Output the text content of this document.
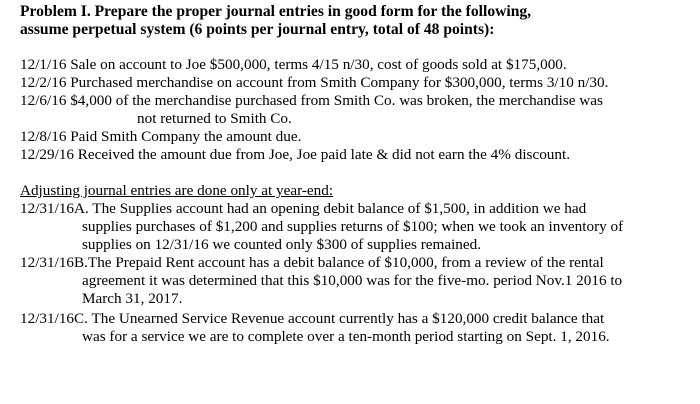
Problem I. Prepare the proper journal entries in good form for the following,
assume perpetual system (6 points per journal entry, total of 48 points):
12/1/16 Sale on account to Joe $500,000, terms 4/15 n/30, cost of goods sold at $175,000.
12/2/16 Purchased merchandise on account from Smith Company for $300,000, terms 3/10 n/30.
12/6/16 $4,000 of the merchandise purchased from Smith Co. was broken, the merchandise was
not returned to Smith Co.
12/8/16 Paid Smith Company the amount due.
12/29/16 Received the amount due from Joe, Joe paid late & did not earn the 4% discount.
Adjusting journal entries are done only at year-end:
12/31/16A. The Supplies account had an opening debit balance of $1,500, in addition we had
supplies purchases of $1,200 and supplies returns of $100; when we took an inventory of
supplies on 12/31/16 we counted only $300 of supplies remained.
12/31/16B.The Prepaid Rent account has a debit balance of $10,000, from a review of the rental
agreement it was determined that this $10,000 was for the five-mo. period Nov.1 2016 to
March 31, 2017.
12/31/16C. The Unearned Service Revenue account currently has a $120,000 credit balance that
was for a service we are to complete over a ten-month period starting on Sept. 1, 2016.
